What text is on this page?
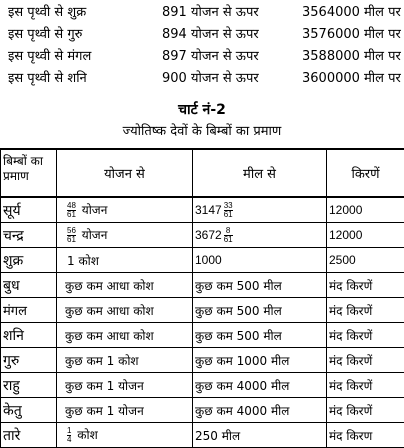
इस पृथ्वी से शुक्र	891 योजन से ऊपर	3564000 मील पर
इस पृथ्वी से गुरु	894 योजन से ऊपर	3576000 मील पर
इस पृथ्वी से मंगल	897 योजन से ऊपर	3588000 मील पर
इस पृथ्वी से शनि	900 योजन से ऊपर	3600000 मील पर
चार्ट नं-2
ज्योतिष्क देवों के बिम्बों का प्रमाण
बिम्बों का प्रमाण	योजन से	मील से	किरणें
सूर्य	$\frac{48}{61}$ योजन	$3147 \frac{33}{61}$	12000
चन्द्र	$\frac{56}{61}$ योजन	$3672 \frac{8}{61}$	12000
शुक्र	1 कोश	1000	2500
बुध	कुछ कम आधा कोश	कुछ कम 500 मील	मंद किरणें
मंगल	कुछ कम आधा कोश	कुछ कम 500 मील	मंद किरणें
शनि	कुछ कम आधा कोश	कुछ कम 500 मील	मंद किरणें
गुरु	कुछ कम 1 कोश	कुछ कम 1000 मील	मंद किरणें
राहु	कुछ कम 1 योजन	कुछ कम 4000 मील	मंद किरणें
केतु	कुछ कम 1 योजन	कुछ कम 4000 मील	मंद किरणें
तारे	$\frac{1}{4}$ कोश	250 मील	मंद किरण
